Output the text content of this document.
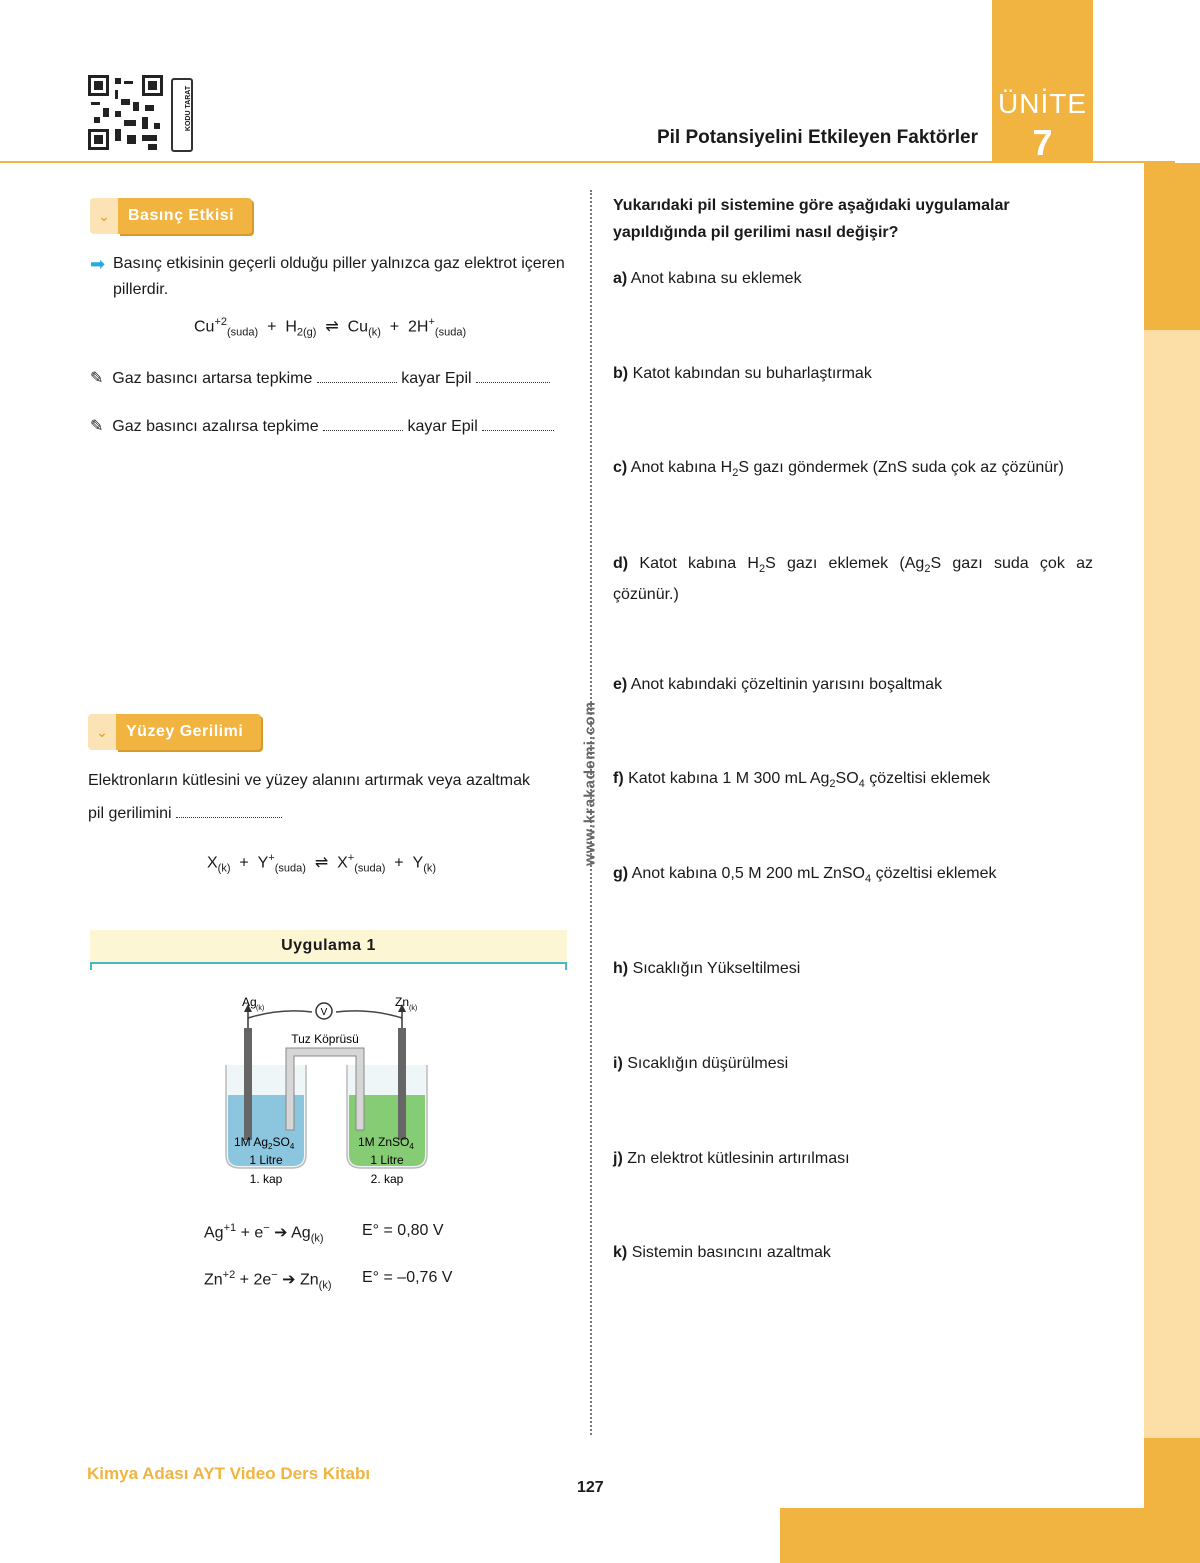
ÜNİTE
7
Pil Potansiyelini Etkileyen Faktörler
KODU TARAT
www.krakademi.com
⌄	Basınç Etkisi
➡ Basınç etkisinin geçerli olduğu piller yalnızca gaz elektrot içeren pillerdir.
$Cu^{+2}_{(suda)} + H_{2(g)}$  ⇌  $Cu_{(k)} + 2H^+_{(suda)}$
✎ Gaz basıncı artarsa tepkime	kayar Epil
✎ Gaz basıncı azalırsa tepkime	kayar Epil
⌄	Yüzey Gerilimi
Elektronların kütlesini ve yüzey alanını artırmak veya azaltmak
pil gerilimini
$X_{(k)} + Y^+_{(suda)}$  ⇌  $X^+_{(suda)} + Y_{(k)}$
Uygulama 1
V
Tuz Köprüsü
Ag (k)	Zn (k)
1M $Ag_2SO_4$
1 Litre
1. kap
1M ZnSO$_4$
1 Litre
2. kap
$Ag^{+1} + e^-$ ➔ $Ag_{(k)}$ E° = 0,80 V
$Zn^{+2} + 2e^-$ ➔ $Zn_{(k)}$ E° = –0,76 V
Yukarıdaki pil sistemine göre aşağıdaki uygulamalar yapıldığında pil gerilimi nasıl değişir?
a) Anot kabına su eklemek
b) Katot kabından su buharlaştırmak
c) Anot kabına $H_2S$ gazı göndermek (ZnS suda çok az çözünür)
d) Katot kabına $H_2S$ gazı eklemek ($Ag_2S$ gazı suda çok az çözünür.)
e) Anot kabındaki çözeltinin yarısını boşaltmak
f) Katot kabına 1 M 300 mL $Ag_2SO_4$ çözeltisi eklemek
g) Anot kabına 0,5 M 200 mL ZnSO$_4$ çözeltisi eklemek
h) Sıcaklığın Yükseltilmesi
i) Sıcaklığın düşürülmesi
j) Zn elektrot kütlesinin artırılması
k) Sistemin basıncını azaltmak
Kimya Adası AYT Video Ders Kitabı
127
